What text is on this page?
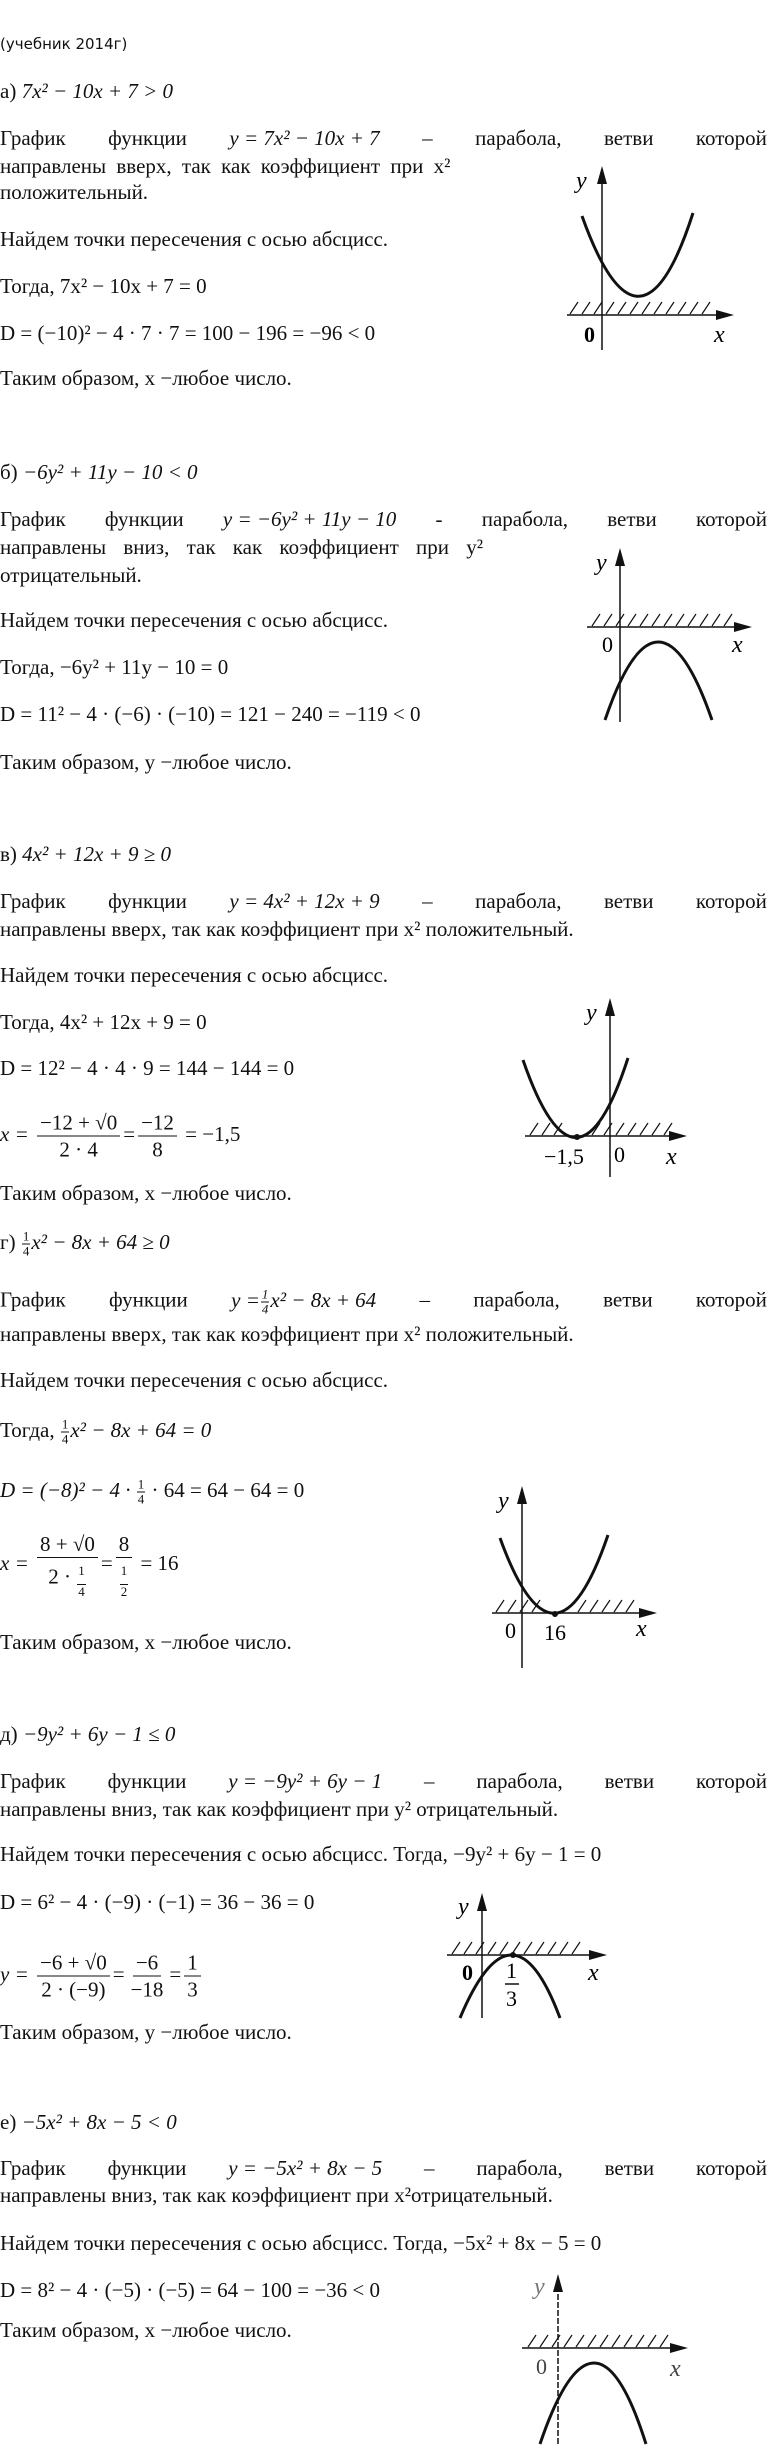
(учебник 2014г)
а) 7x² − 10x + 7 > 0
График функции y = 7x² − 10x + 7 – парабола, ветви которой
направлены вверх, так как коэффициент при x²
положительный.
Найдем точки пересечения с осью абсцисс.
Тогда, 7x² − 10x + 7 = 0
D = (−10)² − 4 · 7 · 7 = 100 − 196 = −96 < 0
Таким образом, x −любое число.
y
0	x
б) −6y² + 11y − 10 < 0
График функции y = −6y² + 11y − 10 - парабола, ветви которой
направлены вниз, так как коэффициент при y²
отрицательный.
Найдем точки пересечения с осью абсцисс.
Тогда, −6y² + 11y − 10 = 0
D = 11² − 4 · (−6) · (−10) = 121 − 240 = −119 < 0
Таким образом, y −любое число.
y
0	x
в) 4x² + 12x + 9 ≥ 0
График функции y = 4x² + 12x + 9 – парабола, ветви которой
направлены вверх, так как коэффициент при x² положительный.
Найдем точки пересечения с осью абсцисс.
Тогда, 4x² + 12x + 9 = 0
D = 12² − 4 · 4 · 9 = 144 − 144 = 0
$x = \frac{-12 + √0}{2 \cdot 4} = \frac{-12}{8} = -1,5$
Таким образом, x −любое число.
y
−1,5 0 x
$г) \frac{1}{4} x^2 - 8x + 64 \ge 0$
График функции $y = \frac{1}{4} x^2 - 8x + 64$ – парабола, ветви которой
направлены вверх, так как коэффициент при x² положительный.
Найдем точки пересечения с осью абсцисс.
Тогда, $\frac{1}{4} x^2 - 8x + 64 = 0$
$D = (-8)^2 - 4 \cdot \frac{1}{4} \cdot 64 = 64 - 64 = 0$
$x = \frac{8 + √0}{2 \cdot \frac{1}{4}} = \frac{8}{\frac{1}{2}} = 16$
Таким образом, x −любое число.
y
0 16	x
д) −9y² + 6y − 1 ≤ 0
График функции y = −9y² + 6y − 1 – парабола, ветви которой
направлены вниз, так как коэффициент при y² отрицательный.
Найдем точки пересечения с осью абсцисс. Тогда, −9y² + 6y − 1 = 0
D = 6² − 4 · (−9) · (−1) = 36 − 36 = 0
$y = \frac{-6 + √0}{2 \cdot (-9)} = \frac{-6}{-18} = \frac{1}{3}$
Таким образом, y −любое число.
y
0 1
3
x
е) −5x² + 8x − 5 < 0
График функции y = −5x² + 8x − 5 – парабола, ветви которой
направлены вниз, так как коэффициент при x²отрицательный.
Найдем точки пересечения с осью абсцисс. Тогда, −5x² + 8x − 5 = 0
D = 8² − 4 · (−5) · (−5) = 64 − 100 = −36 < 0
Таким образом, x −любое число.
y
0	x
